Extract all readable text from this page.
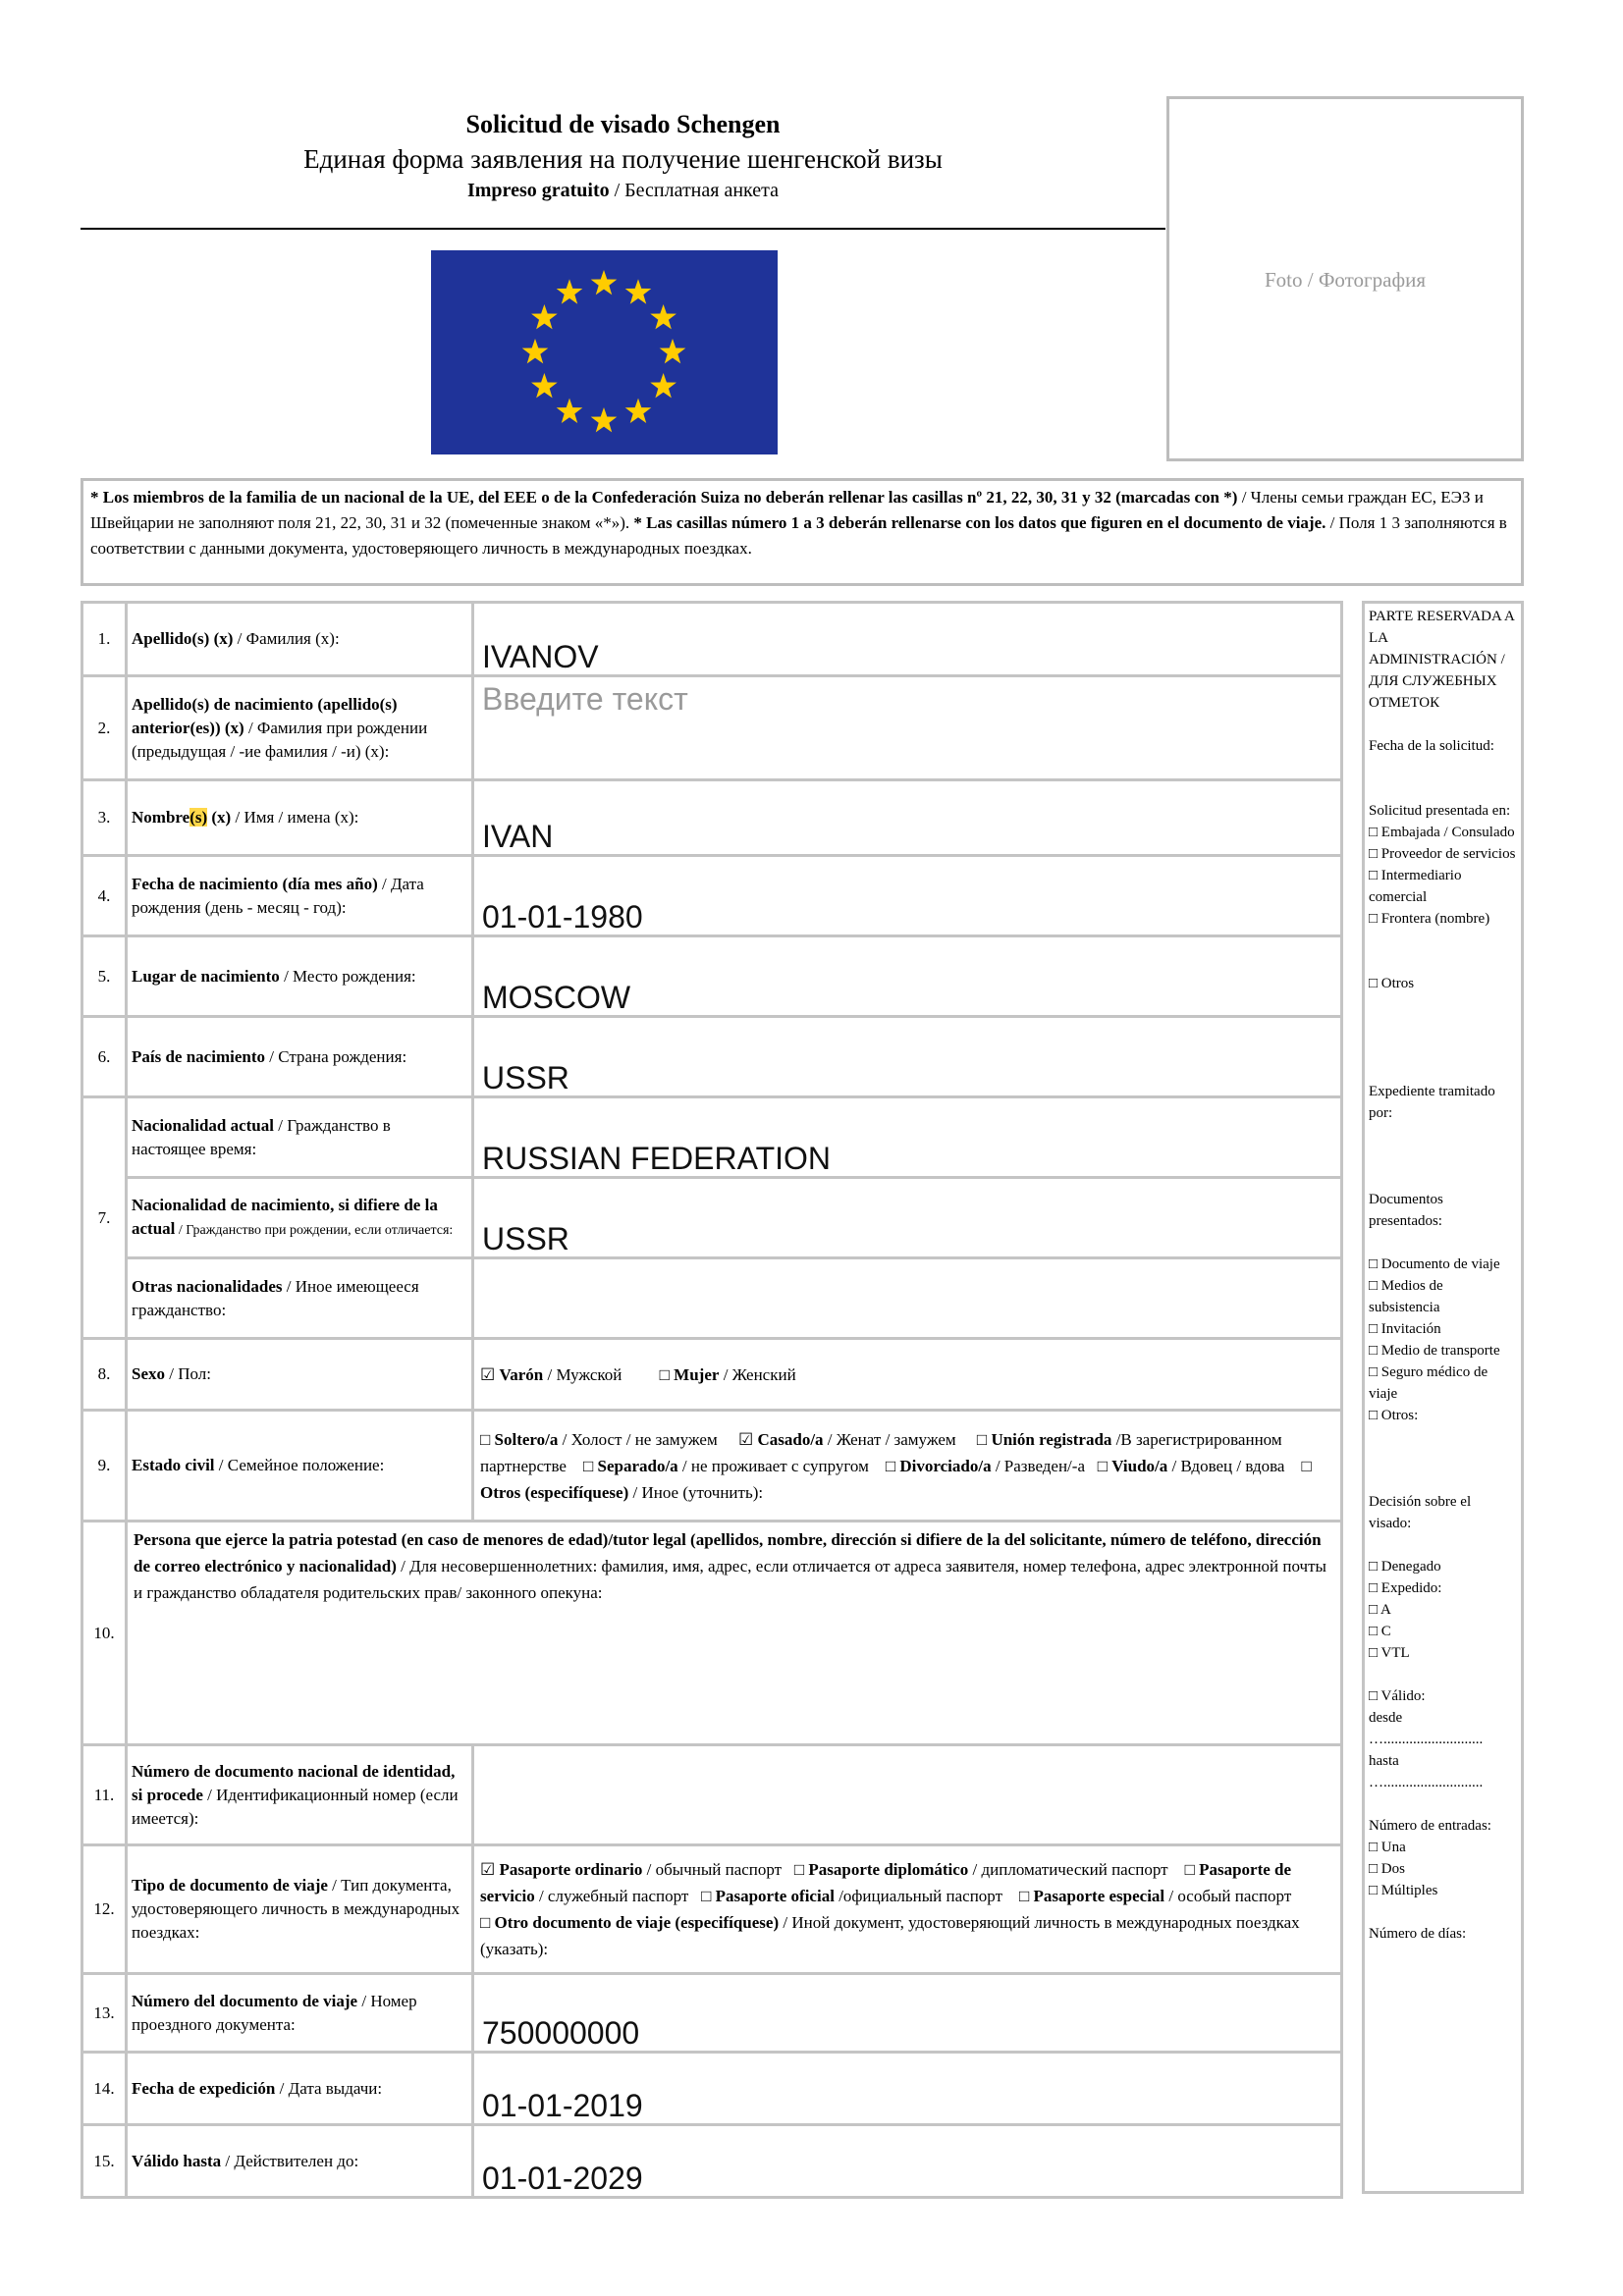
Solicitud de visado Schengen
Единая форма заявления на получение шенгенской визы
Impreso gratuito / Бесплатная анкета
Foto / Фотография
* Los miembros de la familia de un nacional de la UE, del EEE o de la Confederación Suiza no deberán rellenar las casillas nº 21, 22, 30, 31 y 32 (marcadas con *) / Члены семьи граждан ЕС, ЕЭЗ и Швейцарии не заполняют поля 21, 22, 30, 31 и 32 (помеченные знаком «*»). * Las casillas número 1 a 3 deberán rellenarse con los datos que figuren en el documento de viaje. / Поля 1 3 заполняются в соответствии с данными документа, удостоверяющего личность в международных поездках.
1.	Apellido(s) (x) / Фамилия (x):	IVANOV
2.	Apellido(s) de nacimiento (apellido(s) anterior(es)) (x) / Фамилия при рождении (предыдущая / -ие фамилия / -и) (x):	Введите текст
3.	Nombre(s) (x) / Имя / имена (x):	IVAN
4.	Fecha de nacimiento (día mes año) / Дата рождения (день - месяц - год):	01-01-1980
5.	Lugar de nacimiento / Место рождения:	MOSCOW
6.	País de nacimiento / Страна рождения:	USSR
7.	Nacionalidad actual / Гражданство в настоящее время:	RUSSIAN FEDERATION
	Nacionalidad de nacimiento, si difiere de la actual / Гражданство при рождении, если отличается:	USSR
	Otras nacionalidades / Иное имеющееся гражданство:	
8.	Sexo / Пол:	☑ Varón / Мужской □ Mujer / Женский
9.	Estado civil / Семейное положение:	□ Soltero/a / Холост / не замужем ☑ Casado/a / Женат / замужем □ Unión registrada /В зарегистрированном партнерстве □ Separado/a / не проживает с супругом □ Divorciado/a / Разведен/-а □ Viudo/a / Вдовец / вдова □ Otros (especifíquese) / Иное (уточнить):
10.	Persona que ejerce la patria potestad (en caso de menores de edad)/tutor legal (apellidos, nombre, dirección si difiere de la del solicitante, número de teléfono, dirección de correo electrónico y nacionalidad) / Для несовершеннолетних: фамилия, имя, адрес, если отличается от адреса заявителя, номер телефона, адрес электронной почты и гражданство обладателя родительских прав/ законного опекуна:	
11.	Número de documento nacional de identidad, si procede / Идентификационный номер (если имеется):	
12.	Tipo de documento de viaje / Тип документа, удостоверяющего личность в международных поездках:	☑ Pasaporte ordinario / обычный паспорт □ Pasaporte diplomático / дипломатический паспорт □ Pasaporte de servicio / служебный паспорт □ Pasaporte oficial /официальный паспорт □ Pasaporte especial / особый паспорт
□ Otro documento de viaje (especifíquese) / Иной документ, удостоверяющий личность в международных поездках (указать):
13.	Número del documento de viaje / Номер проездного документа:	750000000
14.	Fecha de expedición / Дата выдачи:	01-01-2019
15.	Válido hasta / Действителен до:	01-01-2029
PARTE RESERVADA A LA ADMINISTRACIÓN / ДЛЯ СЛУЖЕБНЫХ ОТМЕТОК
Fecha de la solicitud:
Solicitud presentada en:
□ Embajada / Consulado
□ Proveedor de servicios
□ Intermediario comercial
□ Frontera (nombre)
□ Otros
Expediente tramitado por:
Documentos presentados:
□ Documento de viaje
□ Medios de subsistencia
□ Invitación
□ Medio de transporte
□ Seguro médico de viaje
□ Otros:
Decisión sobre el visado:
□ Denegado
□ Expedido:
□ A
□ C
□ VTL
□ Válido:
desde
…...........................
hasta
…...........................
Número de entradas:
□ Una
□ Dos
□ Múltiples
Número de días:
